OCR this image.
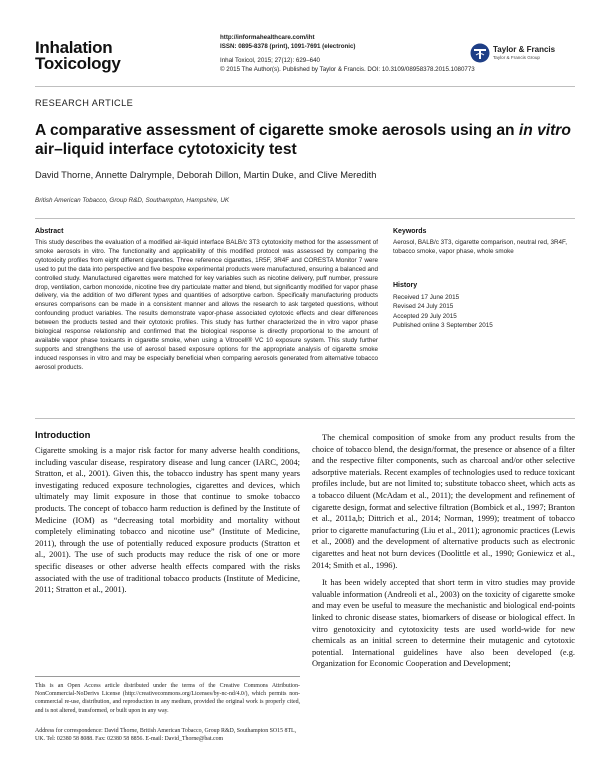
Inhalation
Toxicology
http://informahealthcare.com/iht
ISSN: 0895-8378 (print), 1091-7691 (electronic)
Inhal Toxicol, 2015; 27(12): 629–640
© 2015 The Author(s). Published by Taylor & Francis. DOI: 10.3109/08958378.2015.1080773
Taylor & Francis
Taylor & Francis Group
RESEARCH ARTICLE
A comparative assessment of cigarette smoke aerosols using an in vitro air–liquid interface cytotoxicity test
David Thorne, Annette Dalrymple, Deborah Dillon, Martin Duke, and Clive Meredith
British American Tobacco, Group R&D, Southampton, Hampshire, UK
Abstract
This study describes the evaluation of a modified air-liquid interface BALB/c 3T3 cytotoxicity method for the assessment of smoke aerosols in vitro. The functionality and applicability of this modified protocol was assessed by comparing the cytotoxicity profiles from eight different cigarettes. Three reference cigarettes, 1R5F, 3R4F and CORESTA Monitor 7 were used to put the data into perspective and five bespoke experimental products were manufactured, ensuring a balanced and controlled study. Manufactured cigarettes were matched for key variables such as nicotine delivery, puff number, pressure drop, ventilation, carbon monoxide, nicotine free dry particulate matter and blend, but significantly modified for vapor phase delivery, via the addition of two different types and quantities of adsorptive carbon. Specifically manufacturing products ensures comparisons can be made in a consistent manner and allows the research to ask targeted questions, without confounding product variables. The results demonstrate vapor-phase associated cytotoxic effects and clear differences between the products tested and their cytotoxic profiles. This study has further characterized the in vitro vapor phase biological response relationship and confirmed that the biological response is directly proportional to the amount of available vapor phase toxicants in cigarette smoke, when using a Vitrocell® VC 10 exposure system. This study further supports and strengthens the use of aerosol based exposure options for the appropriate analysis of cigarette smoke induced responses in vitro and may be especially beneficial when comparing aerosols generated from alternative tobacco aerosol products.
Keywords
Aerosol, BALB/c 3T3, cigarette comparison, neutral red, 3R4F, tobacco smoke, vapor phase, whole smoke
History
Received 17 June 2015
Revised 24 July 2015
Accepted 29 July 2015
Published online 3 September 2015
Introduction

Cigarette smoking is a major risk factor for many adverse health conditions, including vascular disease, respiratory disease and lung cancer (IARC, 2004; Stratton, et al., 2001). Given this, the tobacco industry has spent many years investigating reduced exposure technologies, cigarettes and devices, which ultimately may limit exposure in those that continue to smoke tobacco products. The concept of tobacco harm reduction is defined by the Institute of Medicine (IOM) as “decreasing total morbidity and mortality without completely eliminating tobacco and nicotine use” (Institute of Medicine, 2011), through the use of potentially reduced exposure products (Stratton et al., 2001). The use of such products may reduce the risk of one or more specific diseases or other adverse health effects compared with the risks associated with the use of traditional tobacco products (Institute of Medicine, 2011; Stratton et al., 2001).

The chemical composition of smoke from any product results from the choice of tobacco blend, the design/format, the presence or absence of a filter and the respective filter components, such as charcoal and/or other selective adsorptive materials. Recent examples of technologies used to reduce toxicant profiles include, but are not limited to; substitute tobacco sheet, which acts as a tobacco diluent (McAdam et al., 2011); the development and refinement of cigarette design, format and selective filtration (Bombick et al., 1997; Branton et al., 2011a,b; Dittrich et al., 2014; Norman, 1999); treatment of tobacco prior to cigarette manufacturing (Liu et al., 2011); agronomic practices (Lewis et al., 2008) and the development of alternative products such as electronic cigarettes and heat not burn devices (Doolittle et al., 1990; Goniewicz et al., 2014; Smith et al., 1996).

It has been widely accepted that short term in vitro studies may provide valuable information (Andreoli et al., 2003) on the toxicity of cigarette smoke and may even be useful to measure the mechanistic and biological end-points linked to chronic disease states, biomarkers of disease or biological effect. In vitro genotoxicity and cytotoxicity tests are used world-wide for new chemicals as an initial screen to determine their mutagenic and cytotoxic potential. International guidelines have also been developed (e.g. Organization for Economic Cooperation and Development;

This is an Open Access article distributed under the terms of the Creative Commons Attribution-NonCommercial-NoDerivs License (http://creativecommons.org/Licenses/by-nc-nd/4.0/), which permits non-commercial re-use, distribution, and reproduction in any medium, provided the original work is properly cited, and is not altered, transformed, or built upon in any way.
Address for correspondence: David Thorne, British American Tobacco, Group R&D, Southampton SO15 8TL, UK. Tel: 02380 58 8088. Fax: 02380 58 8856. E-mail: David_Thorne@bat.com
